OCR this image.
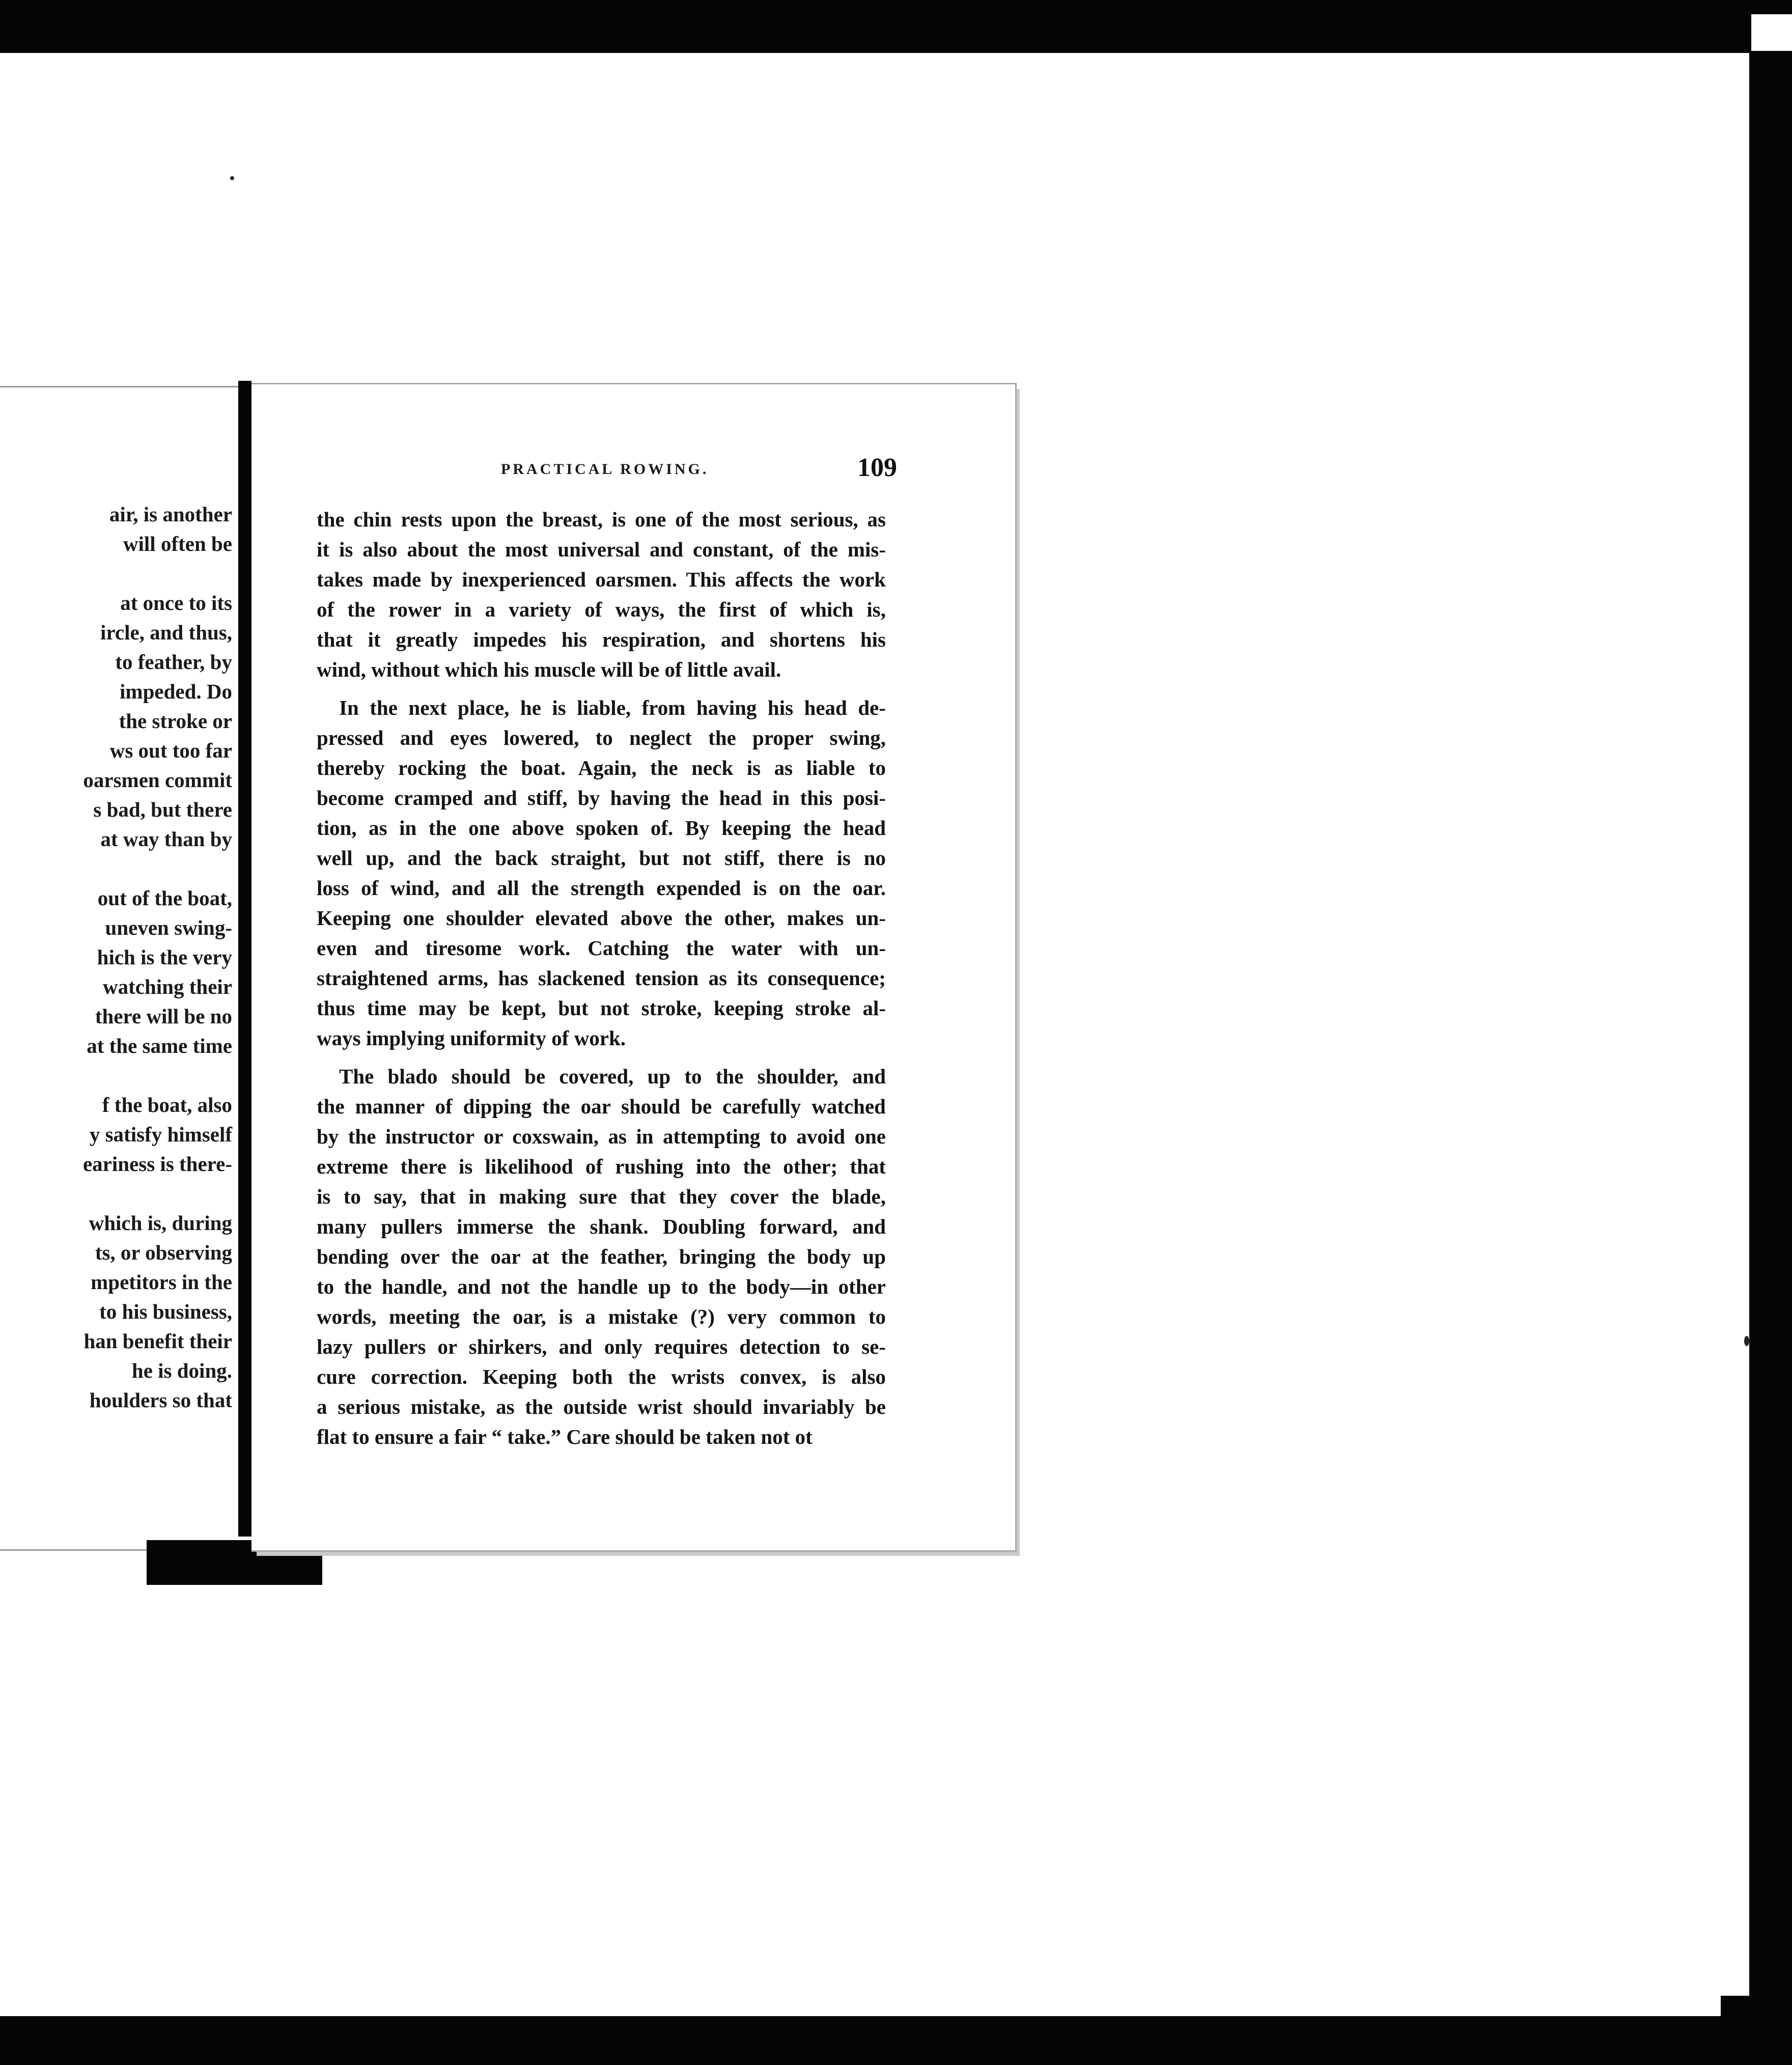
air, is another
will often be
at once to its
ircle, and thus,
to feather, by
impeded. Do
the stroke or
ws out too far
oarsmen commit
s bad, but there
at way than by
out of the boat,
uneven swing-
hich is the very
watching their
there will be no
at the same time
f the boat, also
y satisfy himself
eariness is there-
which is, during
ts, or observing
mpetitors in the
to his business,
han benefit their
he is doing.
houlders so that
PRACTICAL ROWING.	109
the chin rests upon the breast, is one of the most serious, as
it is also about the most universal and constant, of the mis-
takes made by inexperienced oarsmen. This affects the work
of the rower in a variety of ways, the first of which is,
that it greatly impedes his respiration, and shortens his
wind, without which his muscle will be of little avail.
In the next place, he is liable, from having his head de-
pressed and eyes lowered, to neglect the proper swing,
thereby rocking the boat. Again, the neck is as liable to
become cramped and stiff, by having the head in this posi-
tion, as in the one above spoken of. By keeping the head
well up, and the back straight, but not stiff, there is no
loss of wind, and all the strength expended is on the oar.
Keeping one shoulder elevated above the other, makes un-
even and tiresome work. Catching the water with un-
straightened arms, has slackened tension as its consequence;
thus time may be kept, but not stroke, keeping stroke al-
ways implying uniformity of work.
The blado should be covered, up to the shoulder, and
the manner of dipping the oar should be carefully watched
by the instructor or coxswain, as in attempting to avoid one
extreme there is likelihood of rushing into the other; that
is to say, that in making sure that they cover the blade,
many pullers immerse the shank. Doubling forward, and
bending over the oar at the feather, bringing the body up
to the handle, and not the handle up to the body—in other
words, meeting the oar, is a mistake (?) very common to
lazy pullers or shirkers, and only requires detection to se-
cure correction. Keeping both the wrists convex, is also
a serious mistake, as the outside wrist should invariably be
flat to ensure a fair “ take.” Care should be taken not ot
